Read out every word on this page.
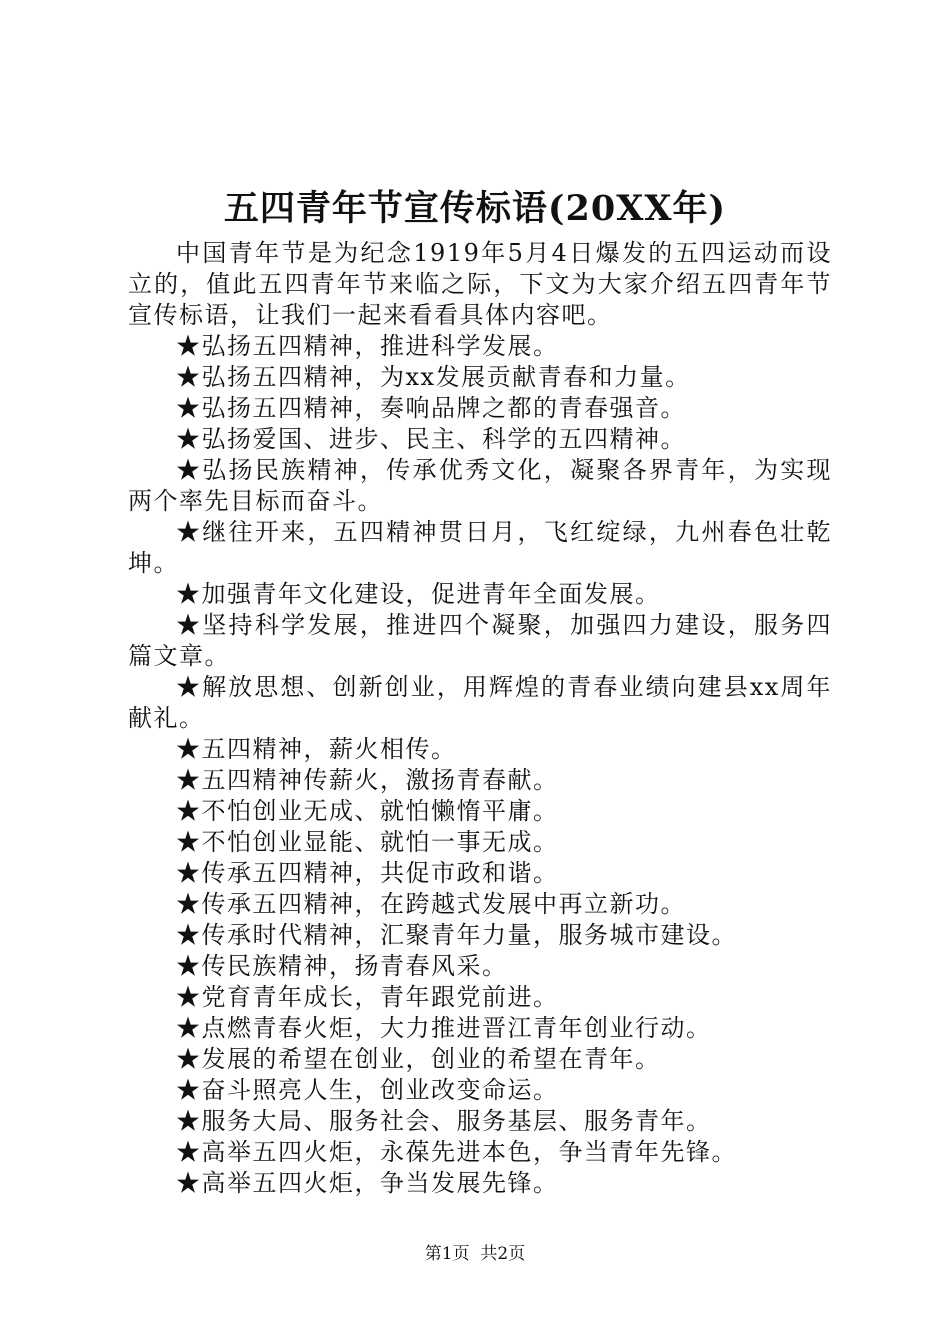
五四青年节宣传标语(20XX年)

中国青年节是为纪念1919年5月4日爆发的五四运动而设立的，值此五四青年节来临之际，下文为大家介绍五四青年节宣传标语，让我们一起来看看具体内容吧。

★弘扬五四精神，推进科学发展。

★弘扬五四精神，为xx发展贡献青春和力量。

★弘扬五四精神，奏响品牌之都的青春强音。

★弘扬爱国、进步、民主、科学的五四精神。

★弘扬民族精神，传承优秀文化，凝聚各界青年，为实现两个率先目标而奋斗。

★继往开来，五四精神贯日月，飞红绽绿，九州春色壮乾坤。

★加强青年文化建设，促进青年全面发展。

★坚持科学发展，推进四个凝聚，加强四力建设，服务四篇文章。

★解放思想、创新创业，用辉煌的青春业绩向建县xx周年献礼。

★五四精神，薪火相传。

★五四精神传薪火，激扬青春献。

★不怕创业无成、就怕懒惰平庸。

★不怕创业显能、就怕一事无成。

★传承五四精神，共促市政和谐。

★传承五四精神，在跨越式发展中再立新功。

★传承时代精神，汇聚青年力量，服务城市建设。

★传民族精神，扬青春风采。

★党育青年成长，青年跟党前进。

★点燃青春火炬，大力推进晋江青年创业行动。

★发展的希望在创业，创业的希望在青年。

★奋斗照亮人生，创业改变命运。

★服务大局、服务社会、服务基层、服务青年。

★高举五四火炬，永葆先进本色，争当青年先锋。

★高举五四火炬，争当发展先锋。

第1页 共2页
